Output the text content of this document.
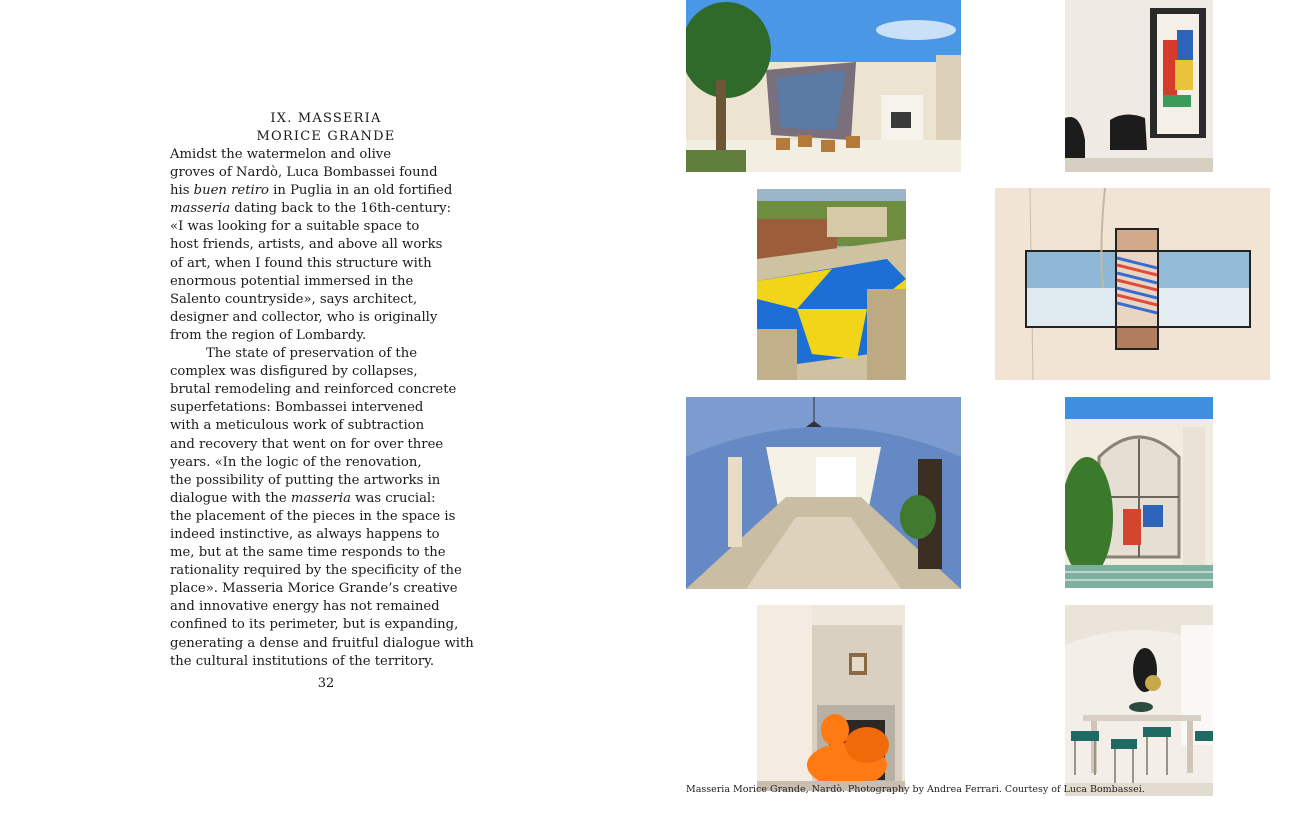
IX. MASSERIA
MORICE GRANDE
Amidst the watermelon and olive
groves of Nardò, Luca Bombassei found
his buen retiro in Puglia in an old fortified
masseria dating back to the 16th-century:
«I was looking for a suitable space to
host friends, artists, and above all works
of art, when I found this structure with
enormous potential immersed in the
Salento countryside», says architect,
designer and collector, who is originally
from the region of Lombardy.
The state of preservation of the
complex was disfigured by collapses,
brutal remodeling and reinforced concrete
superfetations: Bombassei intervened
with a meticulous work of subtraction
and recovery that went on for over three
years. «In the logic of the renovation,
the possibility of putting the artworks in
dialogue with the masseria was crucial:
the placement of the pieces in the space is
indeed instinctive, as always happens to
me, but at the same time responds to the
rationality required by the specificity of the
place». Masseria Morice Grande’s creative
and innovative energy has not remained
confined to its perimeter, but is expanding,
generating a dense and fruitful dialogue with
the cultural institutions of the territory.
32
Masseria Morice Grande, Nardò. Photography by Andrea Ferrari. Courtesy of Luca Bombassei.
